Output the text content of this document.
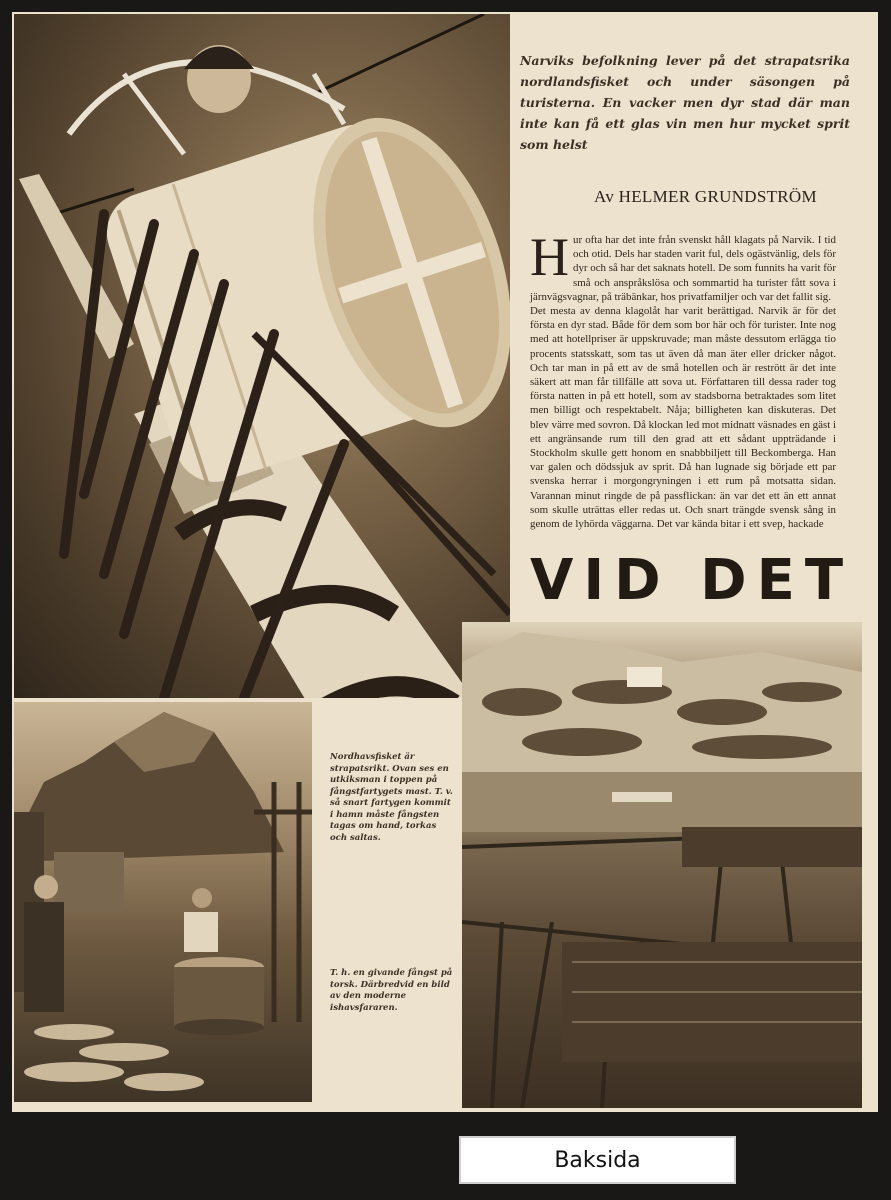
Narviks befolkning lever på det strapatsrika nordlandsfisket och under säsongen på turisterna. En vacker men dyr stad där man inte kan få ett glas vin men hur mycket sprit som helst
Av HELMER GRUNDSTRÖM

Hur ofta har det inte från svenskt håll klagats på Narvik. I tid och otid. Dels har staden varit ful, dels ogästvänlig, dels för dyr och så har det saknats hotell. De som funnits ha varit för små och anspråkslösa och sommartid ha turister fått sova i järnvägsvagnar, på träbänkar, hos privatfamiljer och var det fallit sig.

Det mesta av denna klagolåt har varit berättigad. Narvik är för det första en dyr stad. Både för dem som bor här och för turister. Inte nog med att hotellpriser är uppskruvade; man måste dessutom erlägga tio procents statsskatt, som tas ut även då man äter eller dricker något. Och tar man in på ett av de små hotellen och är restrött är det inte säkert att man får tillfälle att sova ut. Författaren till dessa rader tog första natten in på ett hotell, som av stadsborna betraktades som litet men billigt och respektabelt. Nåja; billigheten kan diskuteras. Det blev värre med sovron. Då klockan led mot midnatt väsnades en gäst i ett angränsande rum till den grad att ett sådant uppträdande i Stockholm skulle gett honom en snabbbiljett till Beckomberga. Han var galen och dödssjuk av sprit. Då han lugnade sig började ett par svenska herrar i morgongryningen i ett rum på motsatta sidan. Varannan minut ringde de på passflickan: än var det ett än ett annat som skulle uträttas eller redas ut. Och snart trängde svensk sång in genom de lyhörda väggarna. Det var kända bitar i ett svep, hackade

VID DET
Nordhavsfisket är strapatsrikt. Ovan ses en utkiksman i toppen på fångstfartygets mast. T. v. så snart fartygen kommit i hamn måste fångsten tagas om hand, torkas och saltas.
T. h. en givande fångst på torsk. Därbredvid en bild av den moderne ishavsfararen.
Baksida
